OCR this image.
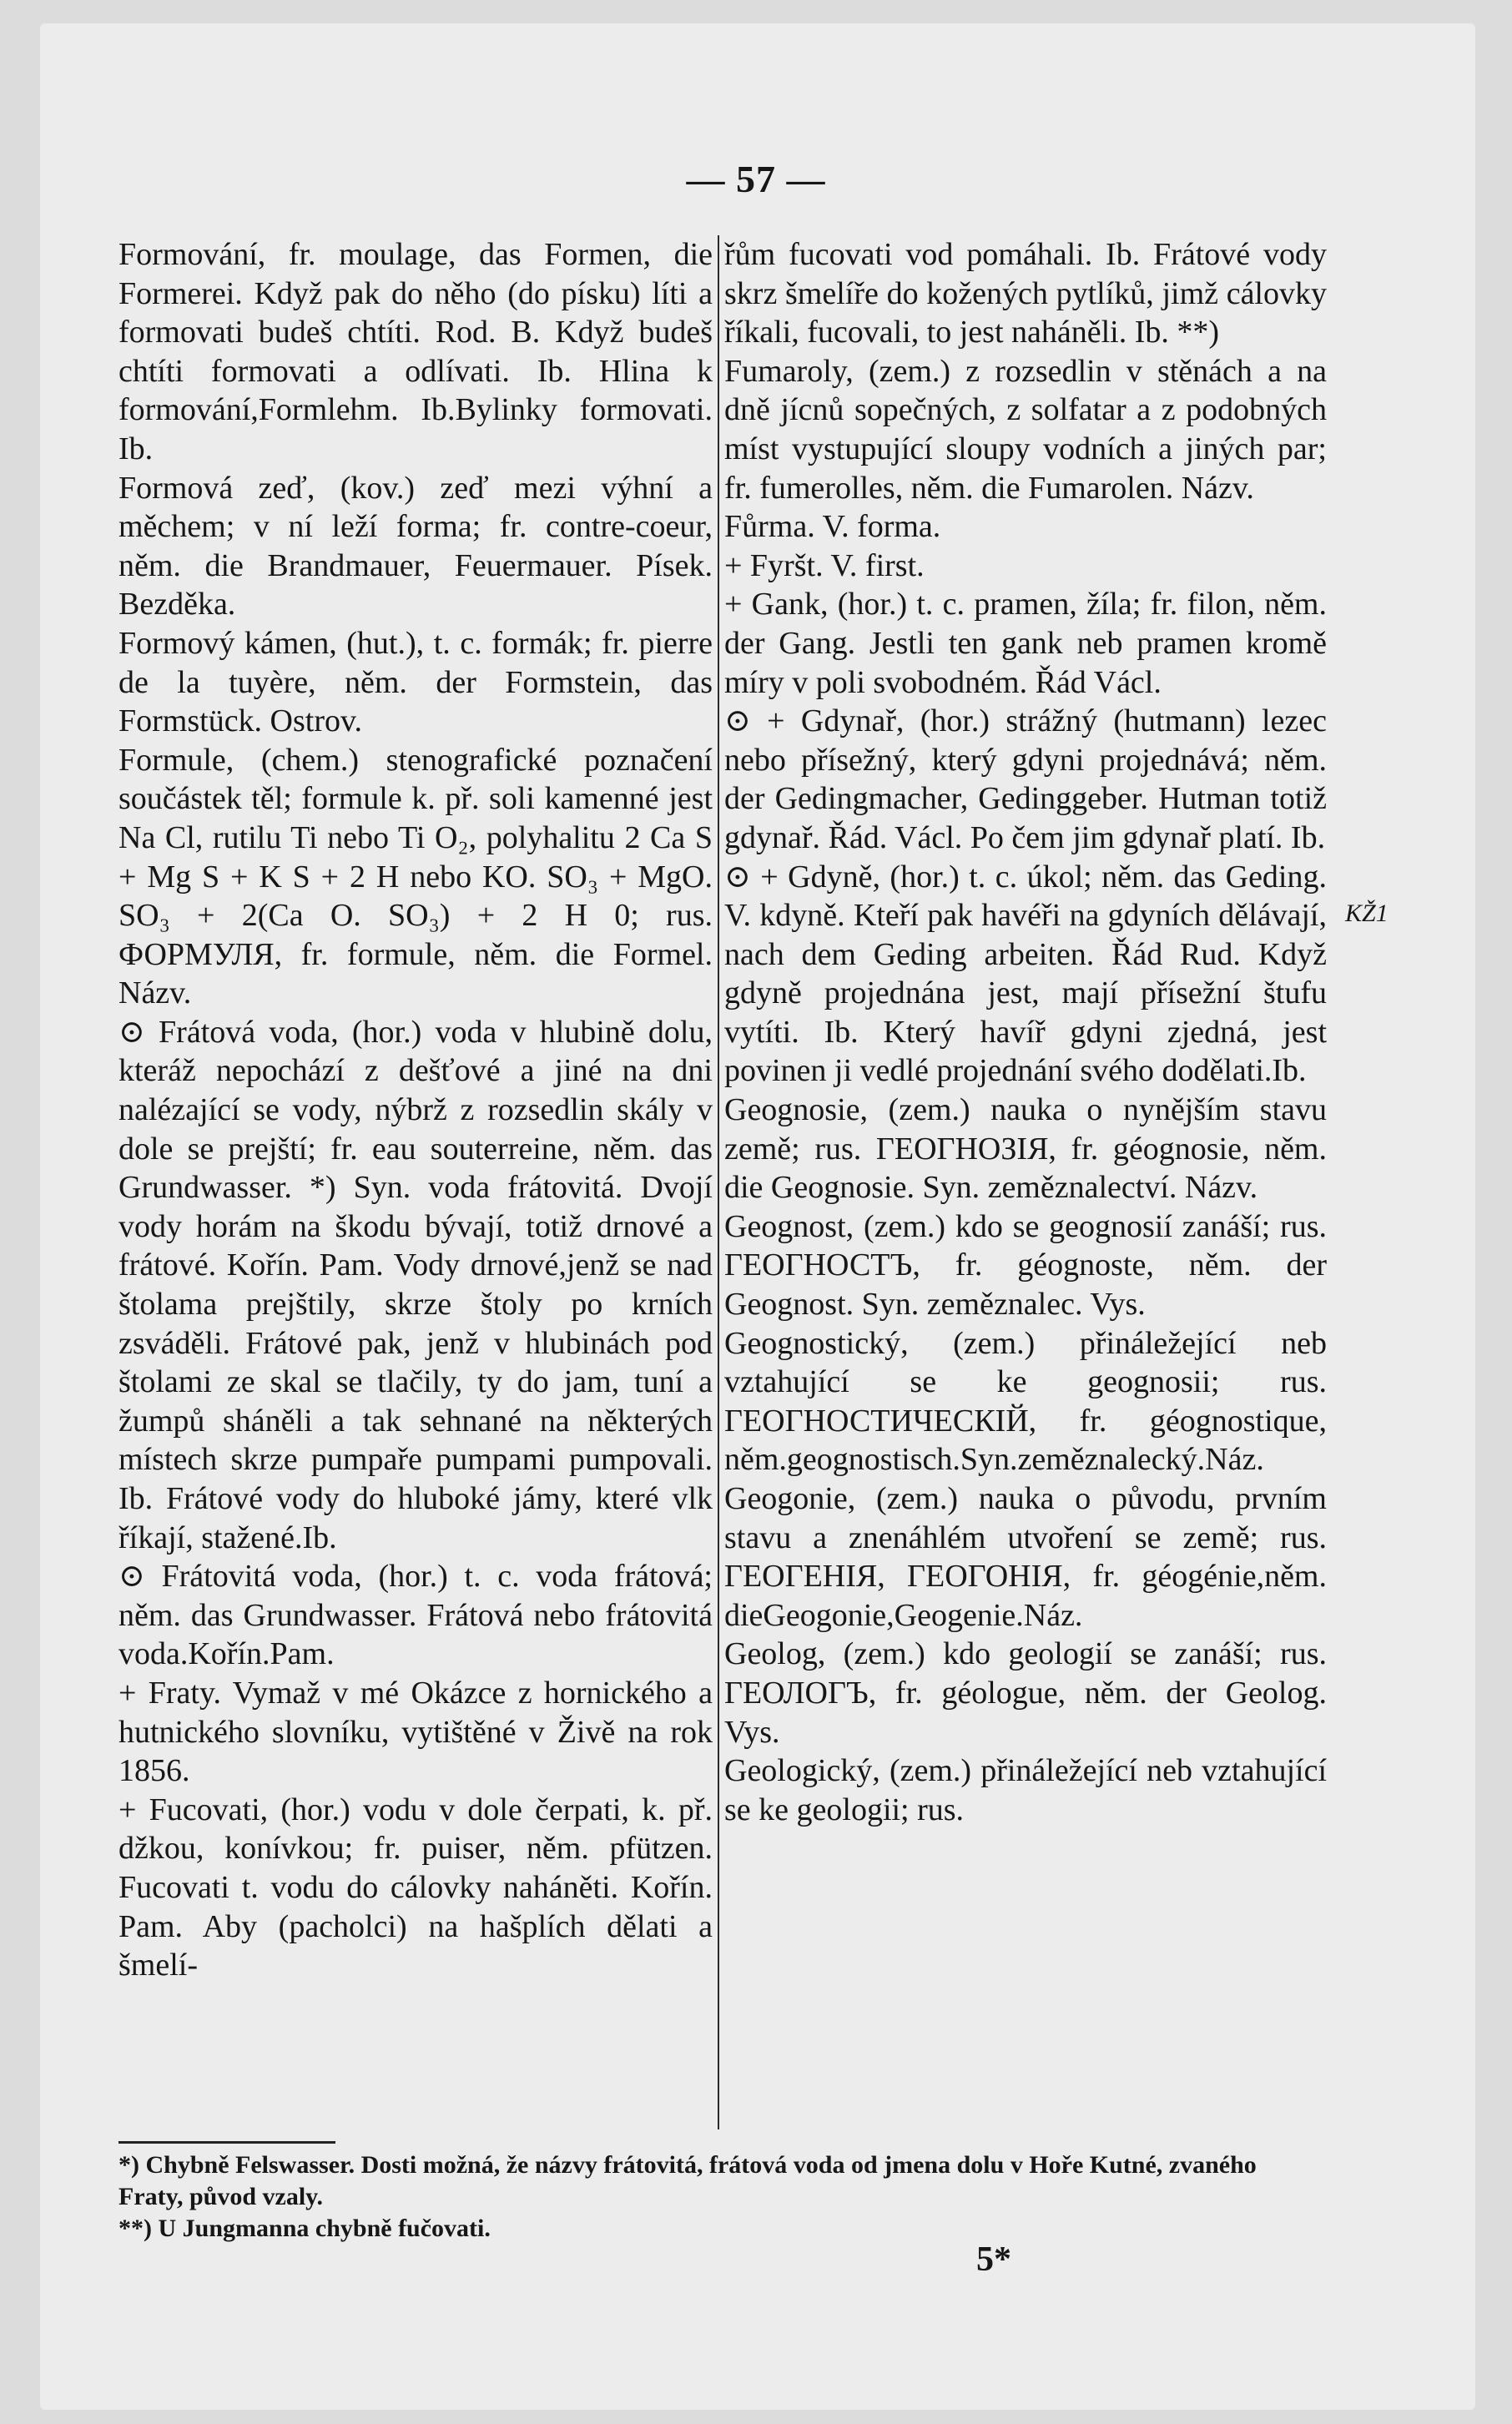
— 57 —

Formování, fr. moulage, das Formen, die Formerei. Když pak do něho (do písku) líti a formovati budeš chtíti. Rod. B. Když budeš chtíti formovati a odlívati. Ib. Hlina k formování,Formlehm. Ib.Bylinky formovati. Ib.

Formová zeď, (kov.) zeď mezi výhní a měchem; v ní leží forma; fr. contre-coeur, něm. die Brandmauer, Feuermauer. Písek. Bezděka.

Formový kámen, (hut.), t. c. formák; fr. pierre de la tuyère, něm. der Formstein, das Formstück. Ostrov.

Formule, (chem.) stenografické poznačení součástek těl; formule k. př. soli kamenné jest Na Cl, rutilu Ti nebo Ti O₂, polyhalitu 2 Ca S + Mg S + K S + 2 H nebo KO. SO₃ + MgO. SO₃ + 2(Ca O. SO₃) + 2 H 0; rus. ФОРМУЛЯ, fr. formule, něm. die Formel. Názv.

⊙ Frátová voda, (hor.) voda v hlubině dolu, kteráž nepochází z dešťové a jiné na dni nalézající se vody, nýbrž z rozsedlin skály v dole se prejští; fr. eau souterreine, něm. das Grundwasser. *) Syn. voda frátovitá. Dvojí vody horám na škodu bývají, totiž drnové a frátové. Kořín. Pam. Vody drnové,jenž se nad štolama prejštily, skrze štoly po krních zsváděli. Frátové pak, jenž v hlubinách pod štolami ze skal se tlačily, ty do jam, tuní a žumpů sháněli a tak sehnané na některých místech skrze pumpaře pumpami pumpovali. Ib. Frátové vody do hluboké jámy, které vlk říkají, stažené.Ib.

⊙ Frátovitá voda, (hor.) t. c. voda frátová; něm. das Grundwasser. Frátová nebo frátovitá voda.Kořín.Pam.

+ Fraty. Vymaž v mé Okázce z hornického a hutnického slovníku, vytištěné v Živě na rok 1856.

+ Fucovati, (hor.) vodu v dole čerpati, k. př. džkou, konívkou; fr. puiser, něm. pfützen. Fucovati t. vodu do cálovky naháněti. Kořín. Pam. Aby (pacholci) na hašplích dělati a šmelí-

řům fucovati vod pomáhali. Ib. Frátové vody skrz šmelíře do kožených pytlíků, jimž cálovky říkali, fucovali, to jest naháněli. Ib. **)

Fumaroly, (zem.) z rozsedlin v stěnách a na dně jícnů sopečných, z solfatar a z podobných míst vystupující sloupy vodních a jiných par; fr. fumerolles, něm. die Fumarolen. Názv.

Fůrma. V. forma.

+ Fyršt. V. first.

+ Gank, (hor.) t. c. pramen, žíla; fr. filon, něm. der Gang. Jestli ten gank neb pramen kromě míry v poli svobodném. Řád Václ.

⊙ + Gdynař, (hor.) strážný (hutmann) lezec nebo přísežný, který gdyni projednává; něm. der Gedingmacher, Gedinggeber. Hutman totiž gdynař. Řád. Václ. Po čem jim gdynař platí. Ib.

⊙ + Gdyně, (hor.) t. c. úkol; něm. das Geding. V. kdyně. Kteří pak havéři na gdyních dělávají, nach dem Geding arbeiten. Řád Rud. Když gdyně projednána jest, mají přísežní štufu vytíti. Ib. Který havíř gdyni zjedná, jest povinen ji vedlé projednání svého dodělati.Ib.

Geognosie, (zem.) nauka o nynějším stavu země; rus. ГЕОГНОЗІЯ, fr. géognosie, něm. die Geognosie. Syn. zeměznalectví. Názv.

Geognost, (zem.) kdo se geognosií zanáší; rus. ГЕОГНОСТЪ, fr. géognoste, něm. der Geognost. Syn. zeměznalec. Vys.

Geognostický, (zem.) přináležející neb vztahující se ke geognosii; rus. ГЕОГНОСТИЧЕСКІЙ, fr. géognostique, něm.geognostisch.Syn.zeměznalecký.Náz.

Geogonie, (zem.) nauka o původu, prvním stavu a znenáhlém utvoření se země; rus. ГЕОГЕНІЯ, ГЕОГОНІЯ, fr. géogénie,něm. dieGeogonie,Geogenie.Náz.

Geolog, (zem.) kdo geologií se zanáší; rus. ГЕОЛОГЪ, fr. géologue, něm. der Geolog. Vys.

Geologický, (zem.) přináležející neb vztahující se ke geologii; rus.

*) Chybně Felswasser. Dosti možná, že názvy frátovitá, frátová voda od jmena dolu v Hoře Kutné, zvaného Fraty, původ vzaly.

**) U Jungmanna chybně fučovati.

5*
KŽ1
